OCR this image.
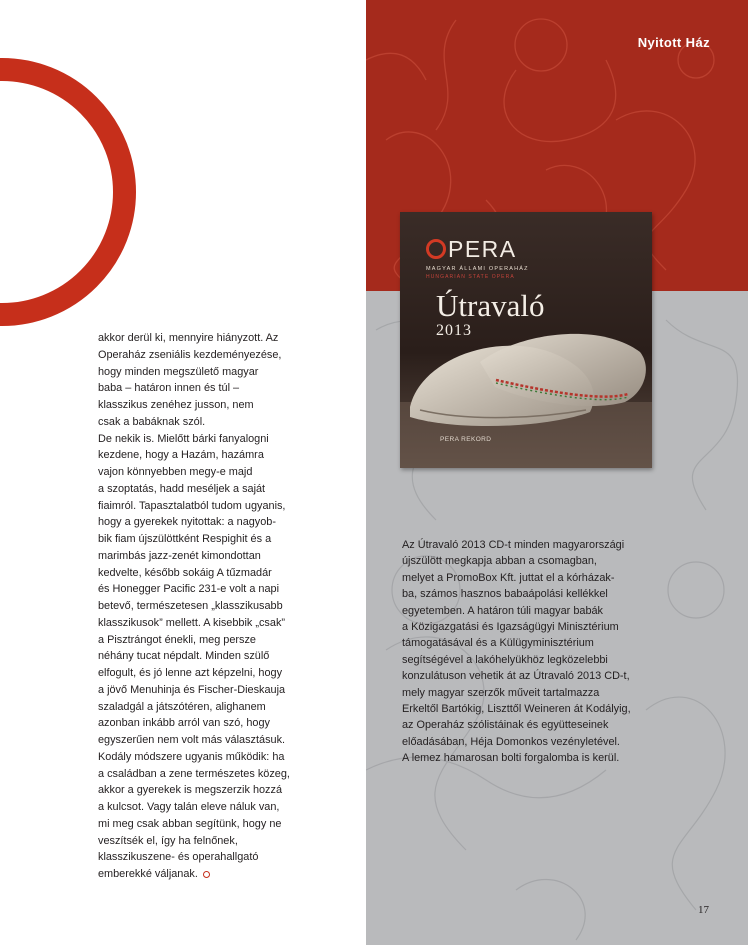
Nyitott Ház
PERA
MAGYAR ÁLLAMI OPERAHÁZ
HUNGARIAN STATE OPERA
Útravaló
2013
PERA REKORD

akkor derül ki, mennyire hiányzott. Az

Operaház zseniális kezdeményezése,

hogy minden megszülető magyar

baba – határon innen és túl –

klasszikus zenéhez jusson, nem

csak a babáknak szól.

De nekik is. Mielőtt bárki fanyalogni

kezdene, hogy a Hazám, hazámra

vajon könnyebben megy-e majd

a szoptatás, hadd meséljek a saját

fiaimról. Tapasztalatból tudom ugyanis,

hogy a gyerekek nyitottak: a nagyob-

bik fiam újszülöttként Respighit és a

marimbás jazz-zenét kimondottan

kedvelte, később sokáig A tűzmadár

és Honegger Pacific 231-e volt a napi

betevő, természetesen „klasszikusabb

klasszikusok” mellett. A kisebbik „csak”

a Pisztrángot énekli, meg persze

néhány tucat népdalt. Minden szülő

elfogult, és jó lenne azt képzelni, hogy

a jövő Menuhinja és Fischer-Dieskauja

szaladgál a játszótéren, alighanem

azonban inkább arról van szó, hogy

egyszerűen nem volt más választásuk.

Kodály módszere ugyanis működik: ha

a családban a zene természetes közeg,

akkor a gyerekek is megszerzik hozzá

a kulcsot. Vagy talán eleve náluk van,

mi meg csak abban segítünk, hogy ne

veszítsék el, így ha felnőnek,

klasszikuszene- és operahallgató

emberekké váljanak.

Az Útravaló 2013 CD-t minden magyarországi

újszülött megkapja abban a csomagban,

melyet a PromoBox Kft. juttat el a kórházak-

ba, számos hasznos babaápolási kellékkel

egyetemben. A határon túli magyar babák

a Közigazgatási és Igazságügyi Minisztérium

támogatásával és a Külügyminisztérium

segítségével a lakóhelyükhöz legközelebbi

konzulátuson vehetik át az Útravaló 2013 CD-t,

mely magyar szerzők műveit tartalmazza

Erkeltől Bartókig, Liszttől Weineren át Kodályig,

az Operaház szólistáinak és együtteseinek

előadásában, Héja Domonkos vezényletével.

A lemez hamarosan bolti forgalomba is kerül.

17
